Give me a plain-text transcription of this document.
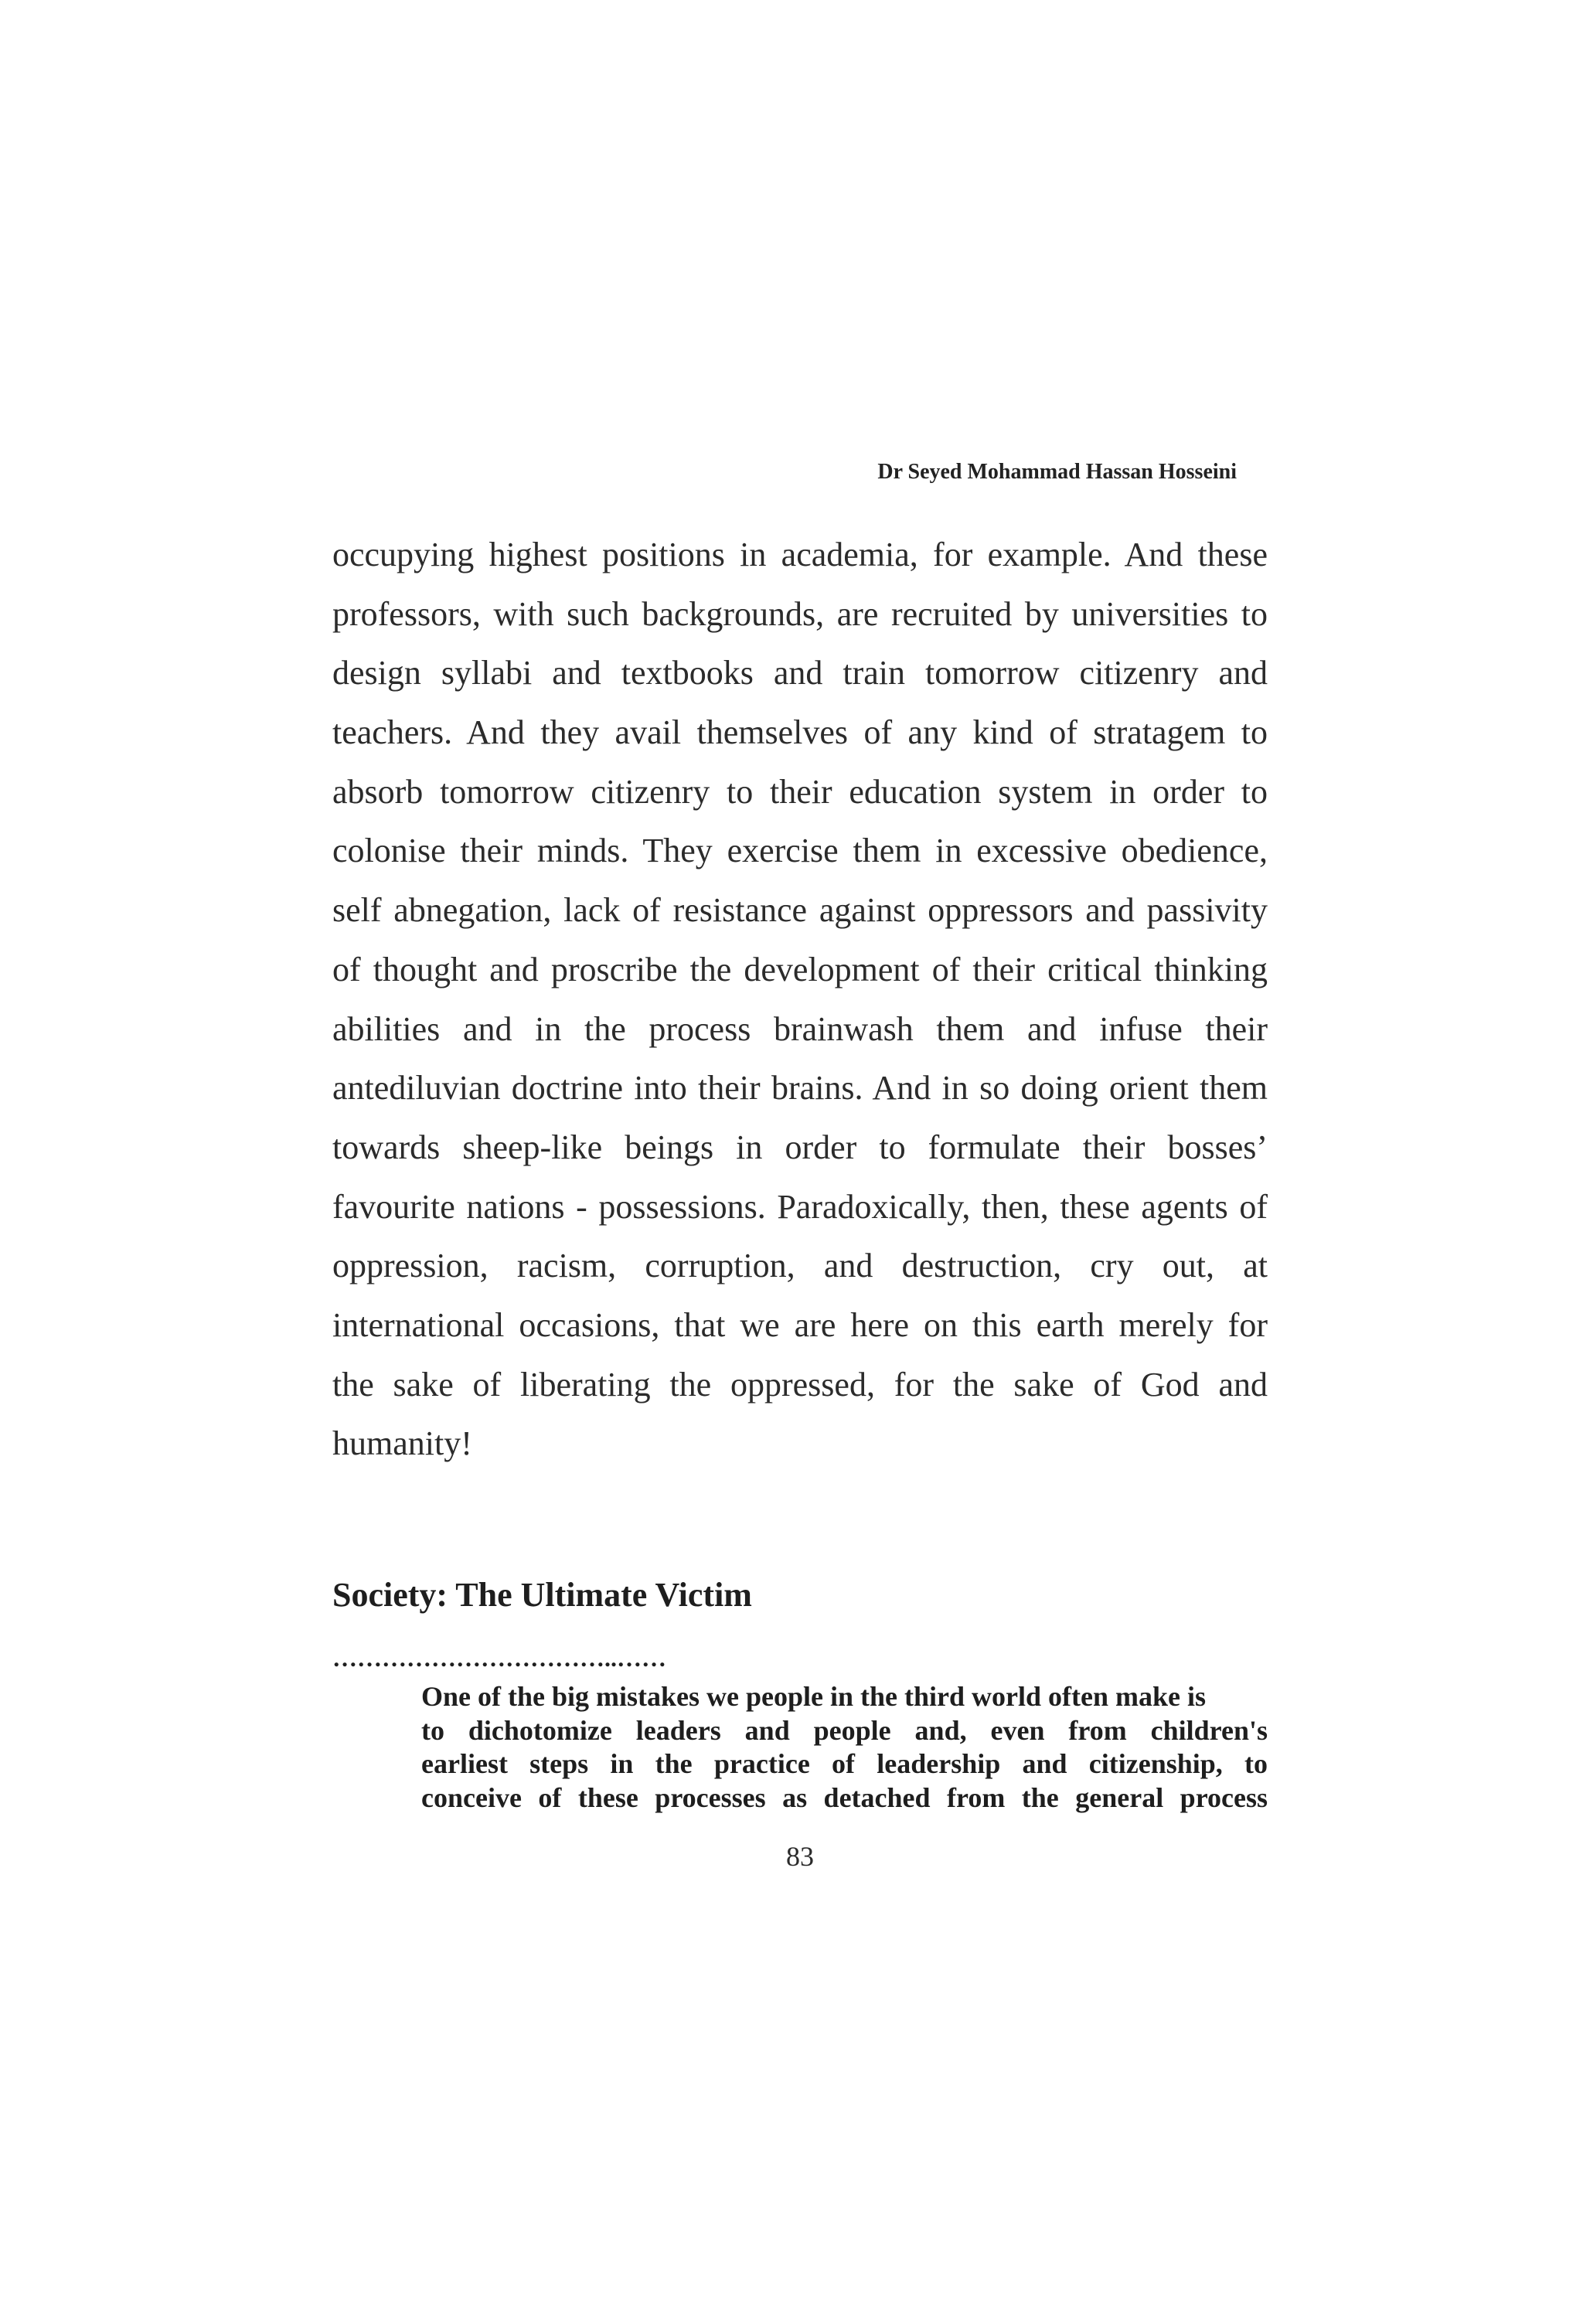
Dr Seyed Mohammad Hassan Hosseini
occupying highest positions in academia, for example. And these
professors, with such backgrounds, are recruited by universities to
design syllabi and textbooks and train tomorrow citizenry and
teachers. And they avail themselves of any kind of stratagem to
absorb tomorrow citizenry to their education system in order to
colonise their minds. They exercise them in excessive obedience,
self abnegation, lack of resistance against oppressors and passivity
of thought and proscribe the development of their critical thinking
abilities and in the process brainwash them and infuse their
antediluvian doctrine into their brains. And in so doing orient them
towards sheep-like beings in order to formulate their bosses’
favourite nations - possessions. Paradoxically, then, these agents of
oppression, racism, corruption, and destruction, cry out, at
international occasions, that we are here on this earth merely for
the sake of liberating the oppressed, for the sake of God and
humanity!
Society: The Ultimate Victim
……………………………..……
One of the big mistakes we people in the third world often make is
to dichotomize leaders and people and, even from children's
earliest steps in the practice of leadership and citizenship, to
conceive of these processes as detached from the general process
83
